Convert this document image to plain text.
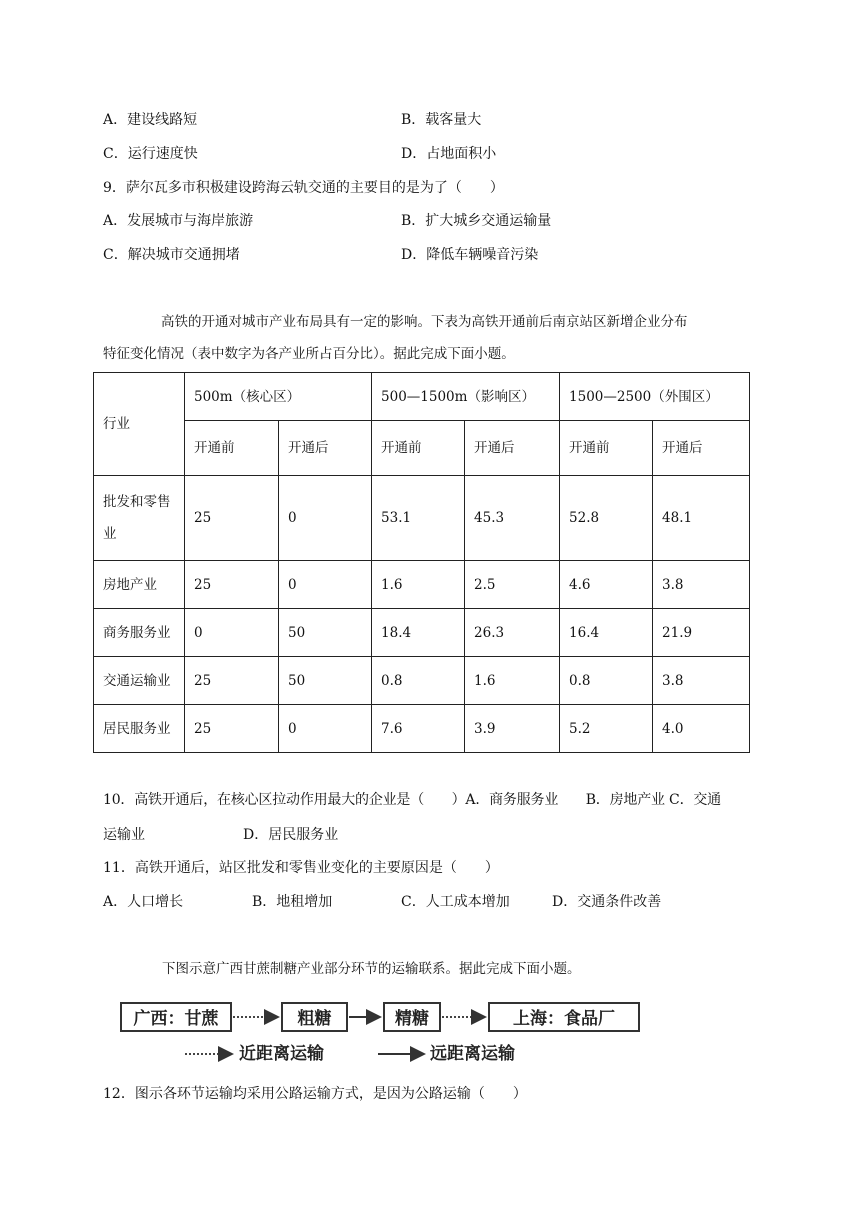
A．建设线路短	B．载客量大
C．运行速度快	D．占地面积小
9．萨尔瓦多市积极建设跨海云轨交通的主要目的是为了（　　）
A．发展城市与海岸旅游	B．扩大城乡交通运输量
C．解决城市交通拥堵	D．降低车辆噪音污染
高铁的开通对城市产业布局具有一定的影响。下表为高铁开通前后南京站区新增企业分布
特征变化情况（表中数字为各产业所占百分比）。据此完成下面小题。
行业	500m（核心区）		500—1500m（影响区）		1500—2500（外围区）	
	开通前	开通后	开通前	开通后	开通前	开通后

批发和零售
业	25	0	53.1	45.3	52.8	48.1
房地产业	25	0	1.6	2.5	4.6	3.8
商务服务业	0	50	18.4	26.3	16.4	21.9
交通运输业	25	50	0.8	1.6	0.8	3.8
居民服务业	25	0	7.6	3.9	5.2	4.0
10．高铁开通后，在核心区拉动作用最大的企业是（　　）A．商务服务业　　B．房地产业 C．交通
运输业　　　　　　　D．居民服务业
11．高铁开通后，站区批发和零售业变化的主要原因是（　　）
A．人口增长	B．地租增加	C．人工成本增加	D．交通条件改善
下图示意广西甘蔗制糖产业部分环节的运输联系。据此完成下面小题。
广西：甘蔗	粗糖	精糖	上海：食品厂
近距离运输	远距离运输
12．图示各环节运输均采用公路运输方式，是因为公路运输（　　）
